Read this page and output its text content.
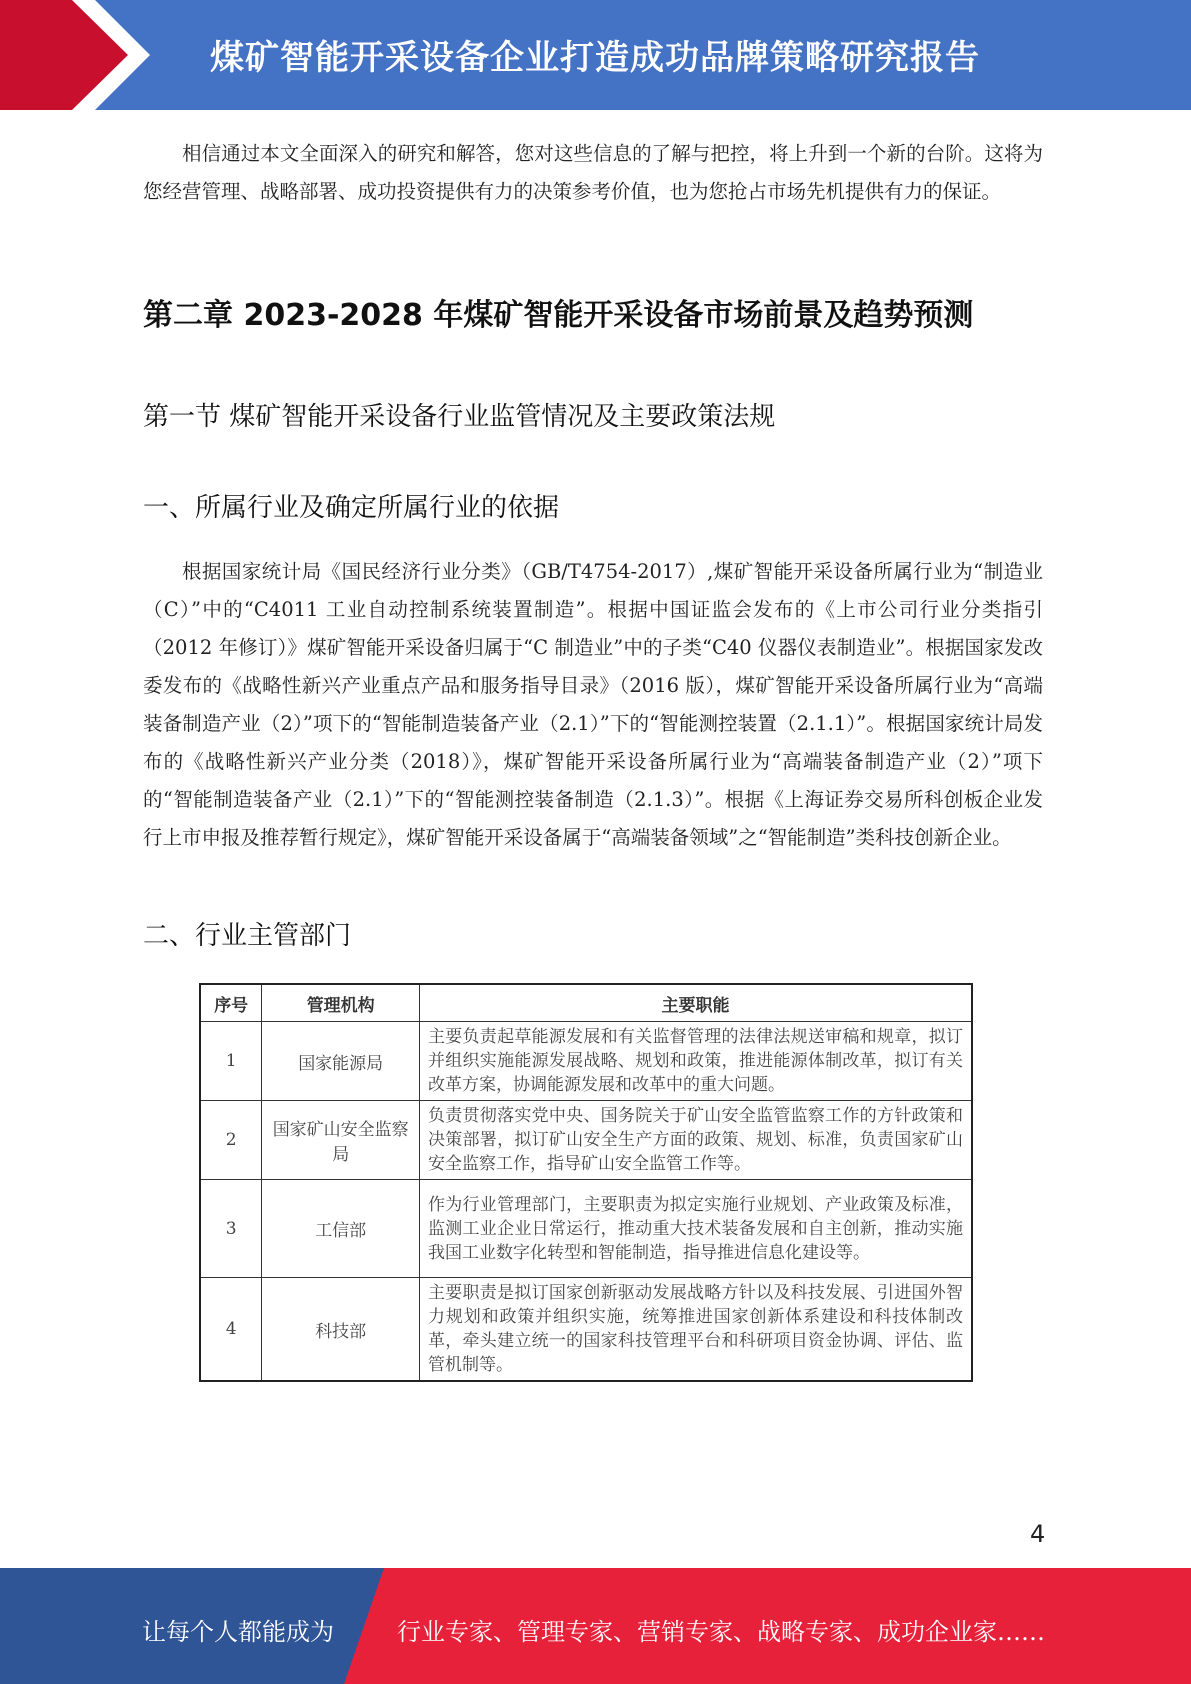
煤矿智能开采设备企业打造成功品牌策略研究报告
相信通过本文全面深入的研究和解答，您对这些信息的了解与把控，将上升到一个新的台阶。这将为您经营管理、战略部署、成功投资提供有力的决策参考价值，也为您抢占市场先机提供有力的保证。
第二章 2023-2028 年煤矿智能开采设备市场前景及趋势预测
第一节 煤矿智能开采设备行业监管情况及主要政策法规
一、所属行业及确定所属行业的依据
根据国家统计局《国民经济行业分类》（GB/T4754-2017）,煤矿智能开采设备所属行业为“制造业（C）”中的“C4011 工业自动控制系统装置制造”。根据中国证监会发布的《上市公司行业分类指引（2012 年修订）》煤矿智能开采设备归属于“C 制造业”中的子类“C40 仪器仪表制造业”。根据国家发改委发布的《战略性新兴产业重点产品和服务指导目录》（2016 版），煤矿智能开采设备所属行业为“高端装备制造产业（2）”项下的“智能制造装备产业（2.1）”下的“智能测控装置（2.1.1）”。根据国家统计局发布的《战略性新兴产业分类（2018）》，煤矿智能开采设备所属行业为“高端装备制造产业（2）”项下的“智能制造装备产业（2.1）”下的“智能测控装备制造（2.1.3）”。根据《上海证券交易所科创板企业发行上市申报及推荐暂行规定》，煤矿智能开采设备属于“高端装备领域”之“智能制造”类科技创新企业。
二、行业主管部门
序号	管理机构	主要职能
1	国家能源局	主要负责起草能源发展和有关监督管理的法律法规送审稿和规章，拟订并组织实施能源发展战略、规划和政策，推进能源体制改革，拟订有关改革方案，协调能源发展和改革中的重大问题。
2	国家矿山安全监察局	负责贯彻落实党中央、国务院关于矿山安全监管监察工作的方针政策和决策部署，拟订矿山安全生产方面的政策、规划、标准，负责国家矿山安全监察工作，指导矿山安全监管工作等。
3	工信部	作为行业管理部门，主要职责为拟定实施行业规划、产业政策及标准，监测工业企业日常运行，推动重大技术装备发展和自主创新，推动实施我国工业数字化转型和智能制造，指导推进信息化建设等。
4	科技部	主要职责是拟订国家创新驱动发展战略方针以及科技发展、引进国外智力规划和政策并组织实施，统筹推进国家创新体系建设和科技体制改革，牵头建立统一的国家科技管理平台和科研项目资金协调、评估、监管机制等。
4
让每个人都能成为	行业专家、管理专家、营销专家、战略专家、成功企业家……
